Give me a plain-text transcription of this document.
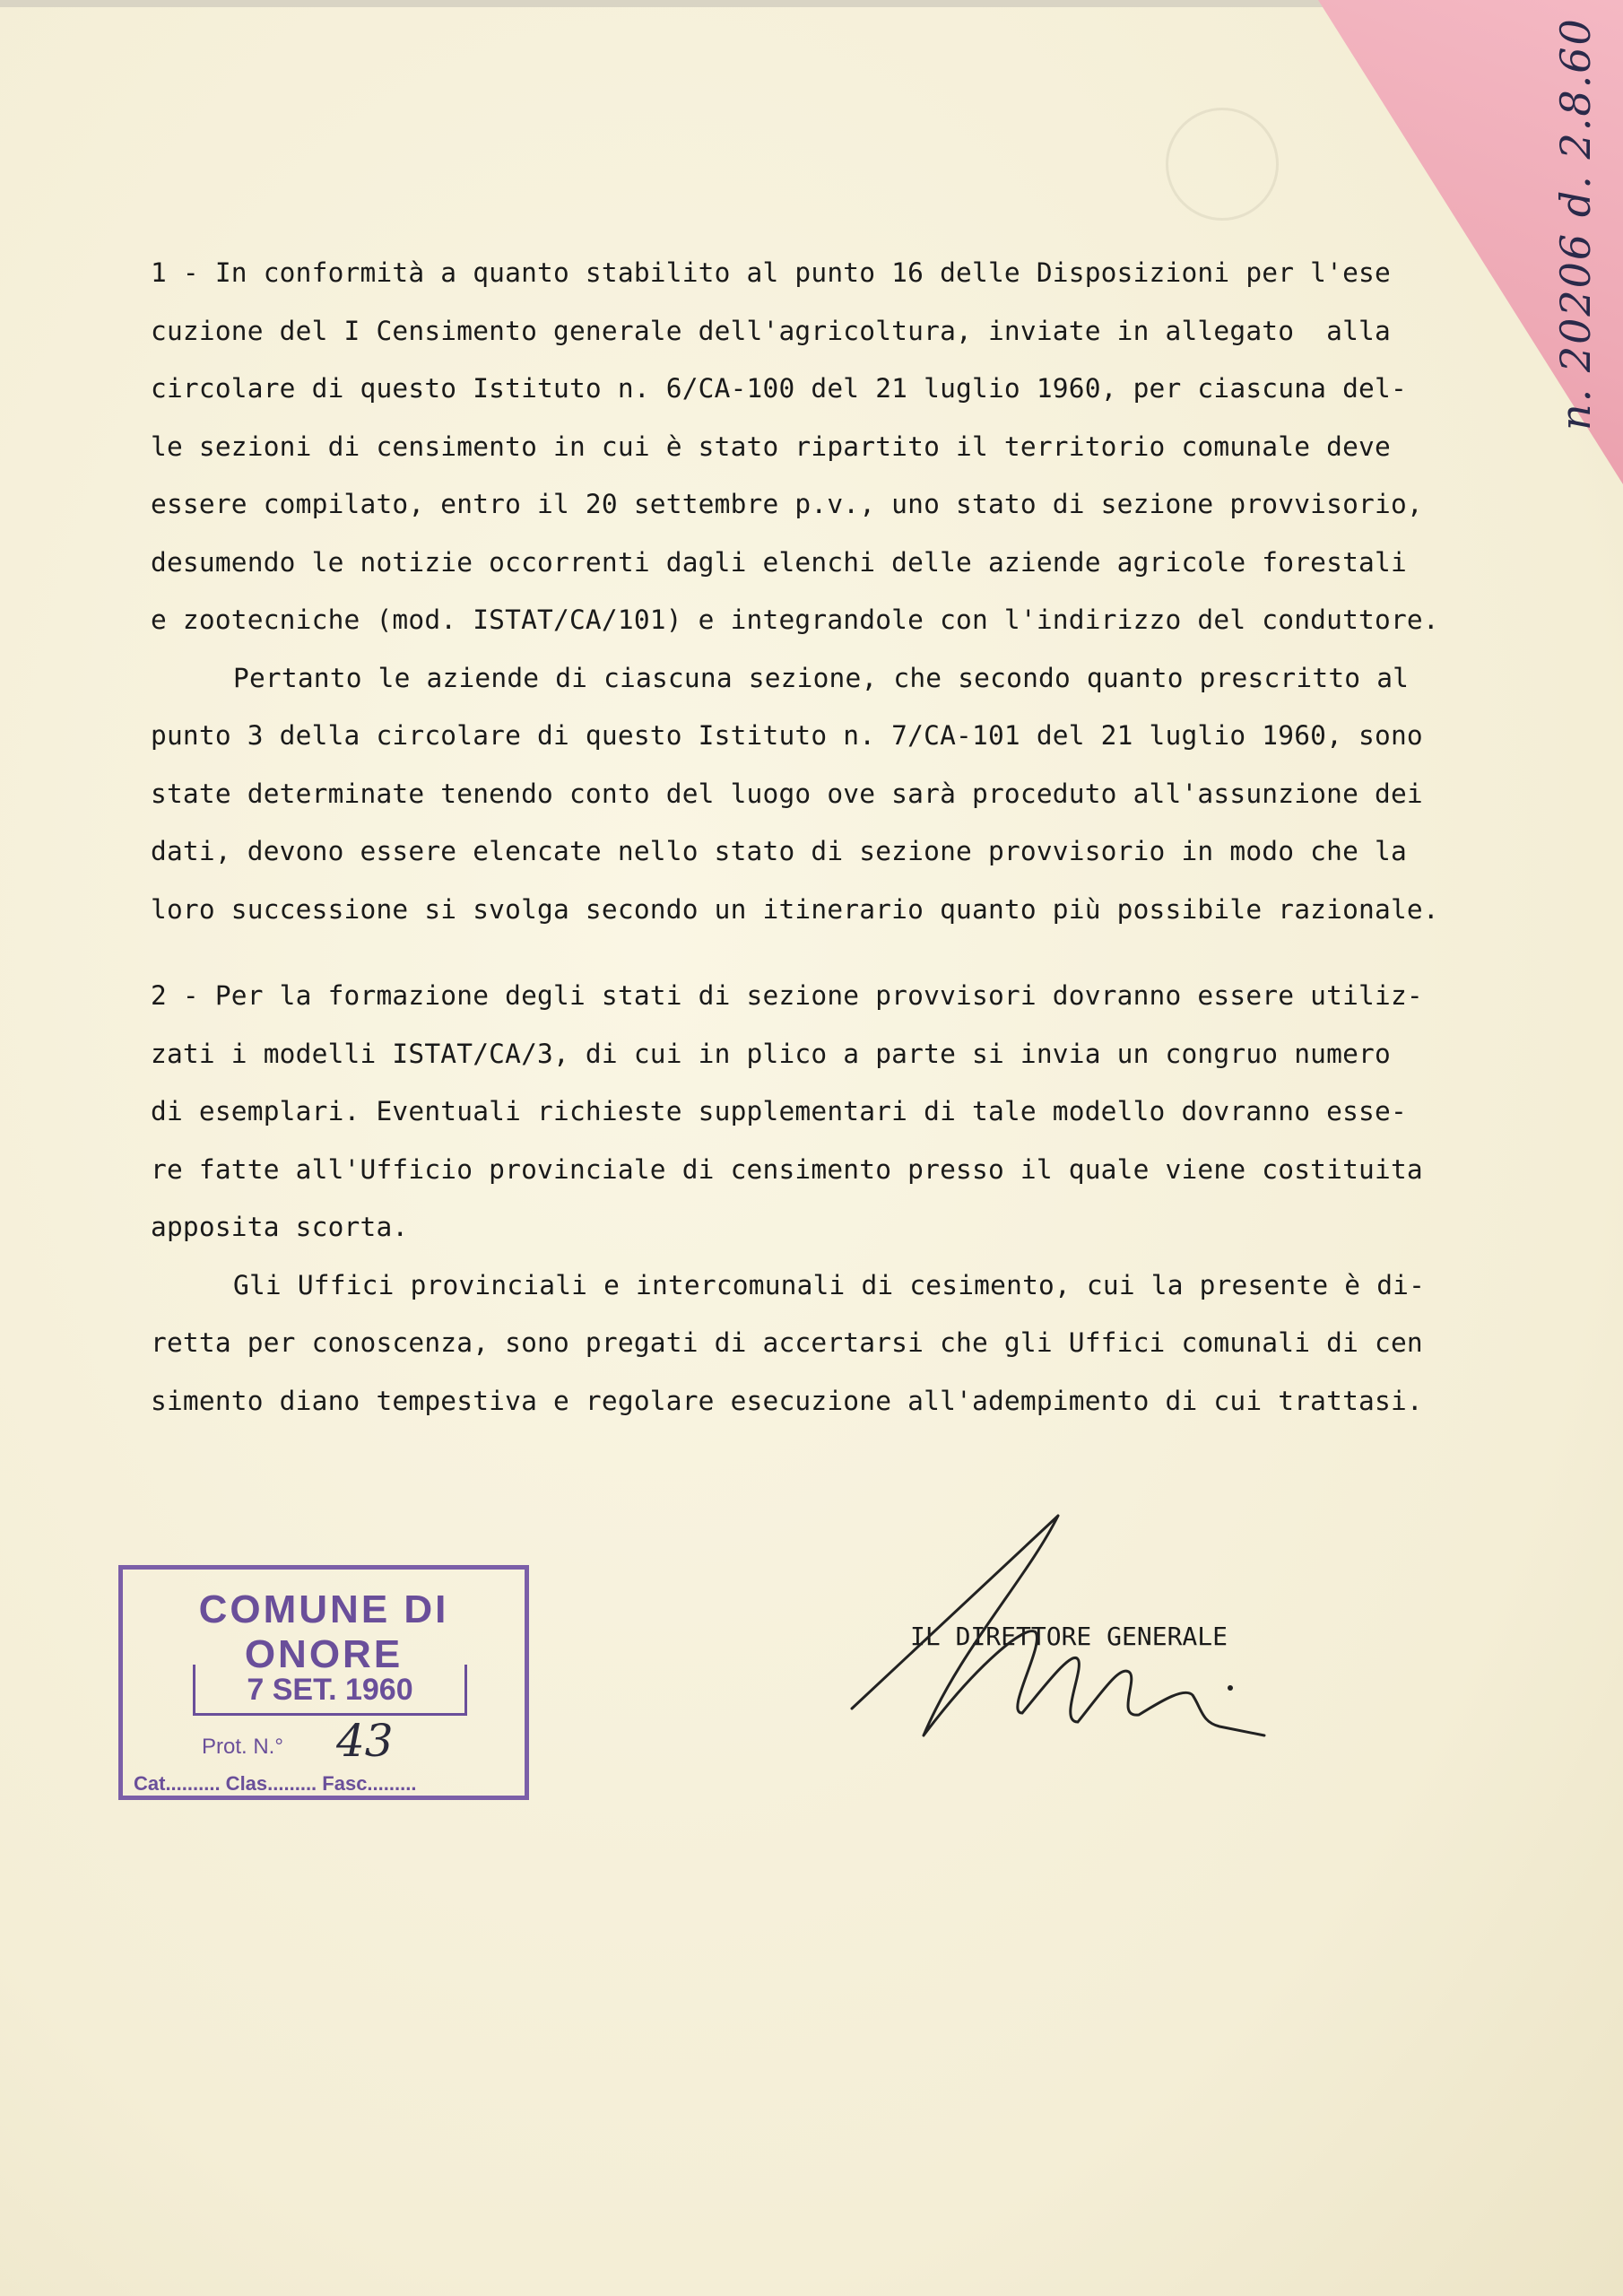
n. 20206 d. 2.8.60
1 - In conformità a quanto stabilito al punto 16 delle Disposizioni per l'ese
cuzione del I Censimento generale dell'agricoltura, inviate in allegato  alla
circolare di questo Istituto n. 6/CA-100 del 21 luglio 1960, per ciascuna del-
le sezioni di censimento in cui è stato ripartito il territorio comunale deve
essere compilato, entro il 20 settembre p.v., uno stato di sezione provvisorio,
desumendo le notizie occorrenti dagli elenchi delle aziende agricole forestali
e zootecniche (mod. ISTAT/CA/101) e integrandole con l'indirizzo del conduttore.
Pertanto le aziende di ciascuna sezione, che secondo quanto prescritto al
punto 3 della circolare di questo Istituto n. 7/CA-101 del 21 luglio 1960, sono
state determinate tenendo conto del luogo ove sarà proceduto all'assunzione dei
dati, devono essere elencate nello stato di sezione provvisorio in modo che la
loro successione si svolga secondo un itinerario quanto più possibile razionale.
2 - Per la formazione degli stati di sezione provvisori dovranno essere utiliz-
zati i modelli ISTAT/CA/3, di cui in plico a parte si invia un congruo numero
di esemplari. Eventuali richieste supplementari di tale modello dovranno esse-
re fatte all'Ufficio provinciale di censimento presso il quale viene costituita
apposita scorta.
Gli Uffici provinciali e intercomunali di cesimento, cui la presente è di-
retta per conoscenza, sono pregati di accertarsi che gli Uffici comunali di cen
simento diano tempestiva e regolare esecuzione all'adempimento di cui trattasi.
COMUNE DI ONORE
7 SET. 1960
Prot. N.° 43
Cat.......... Clas......... Fasc.........
IL DIRETTORE GENERALE
